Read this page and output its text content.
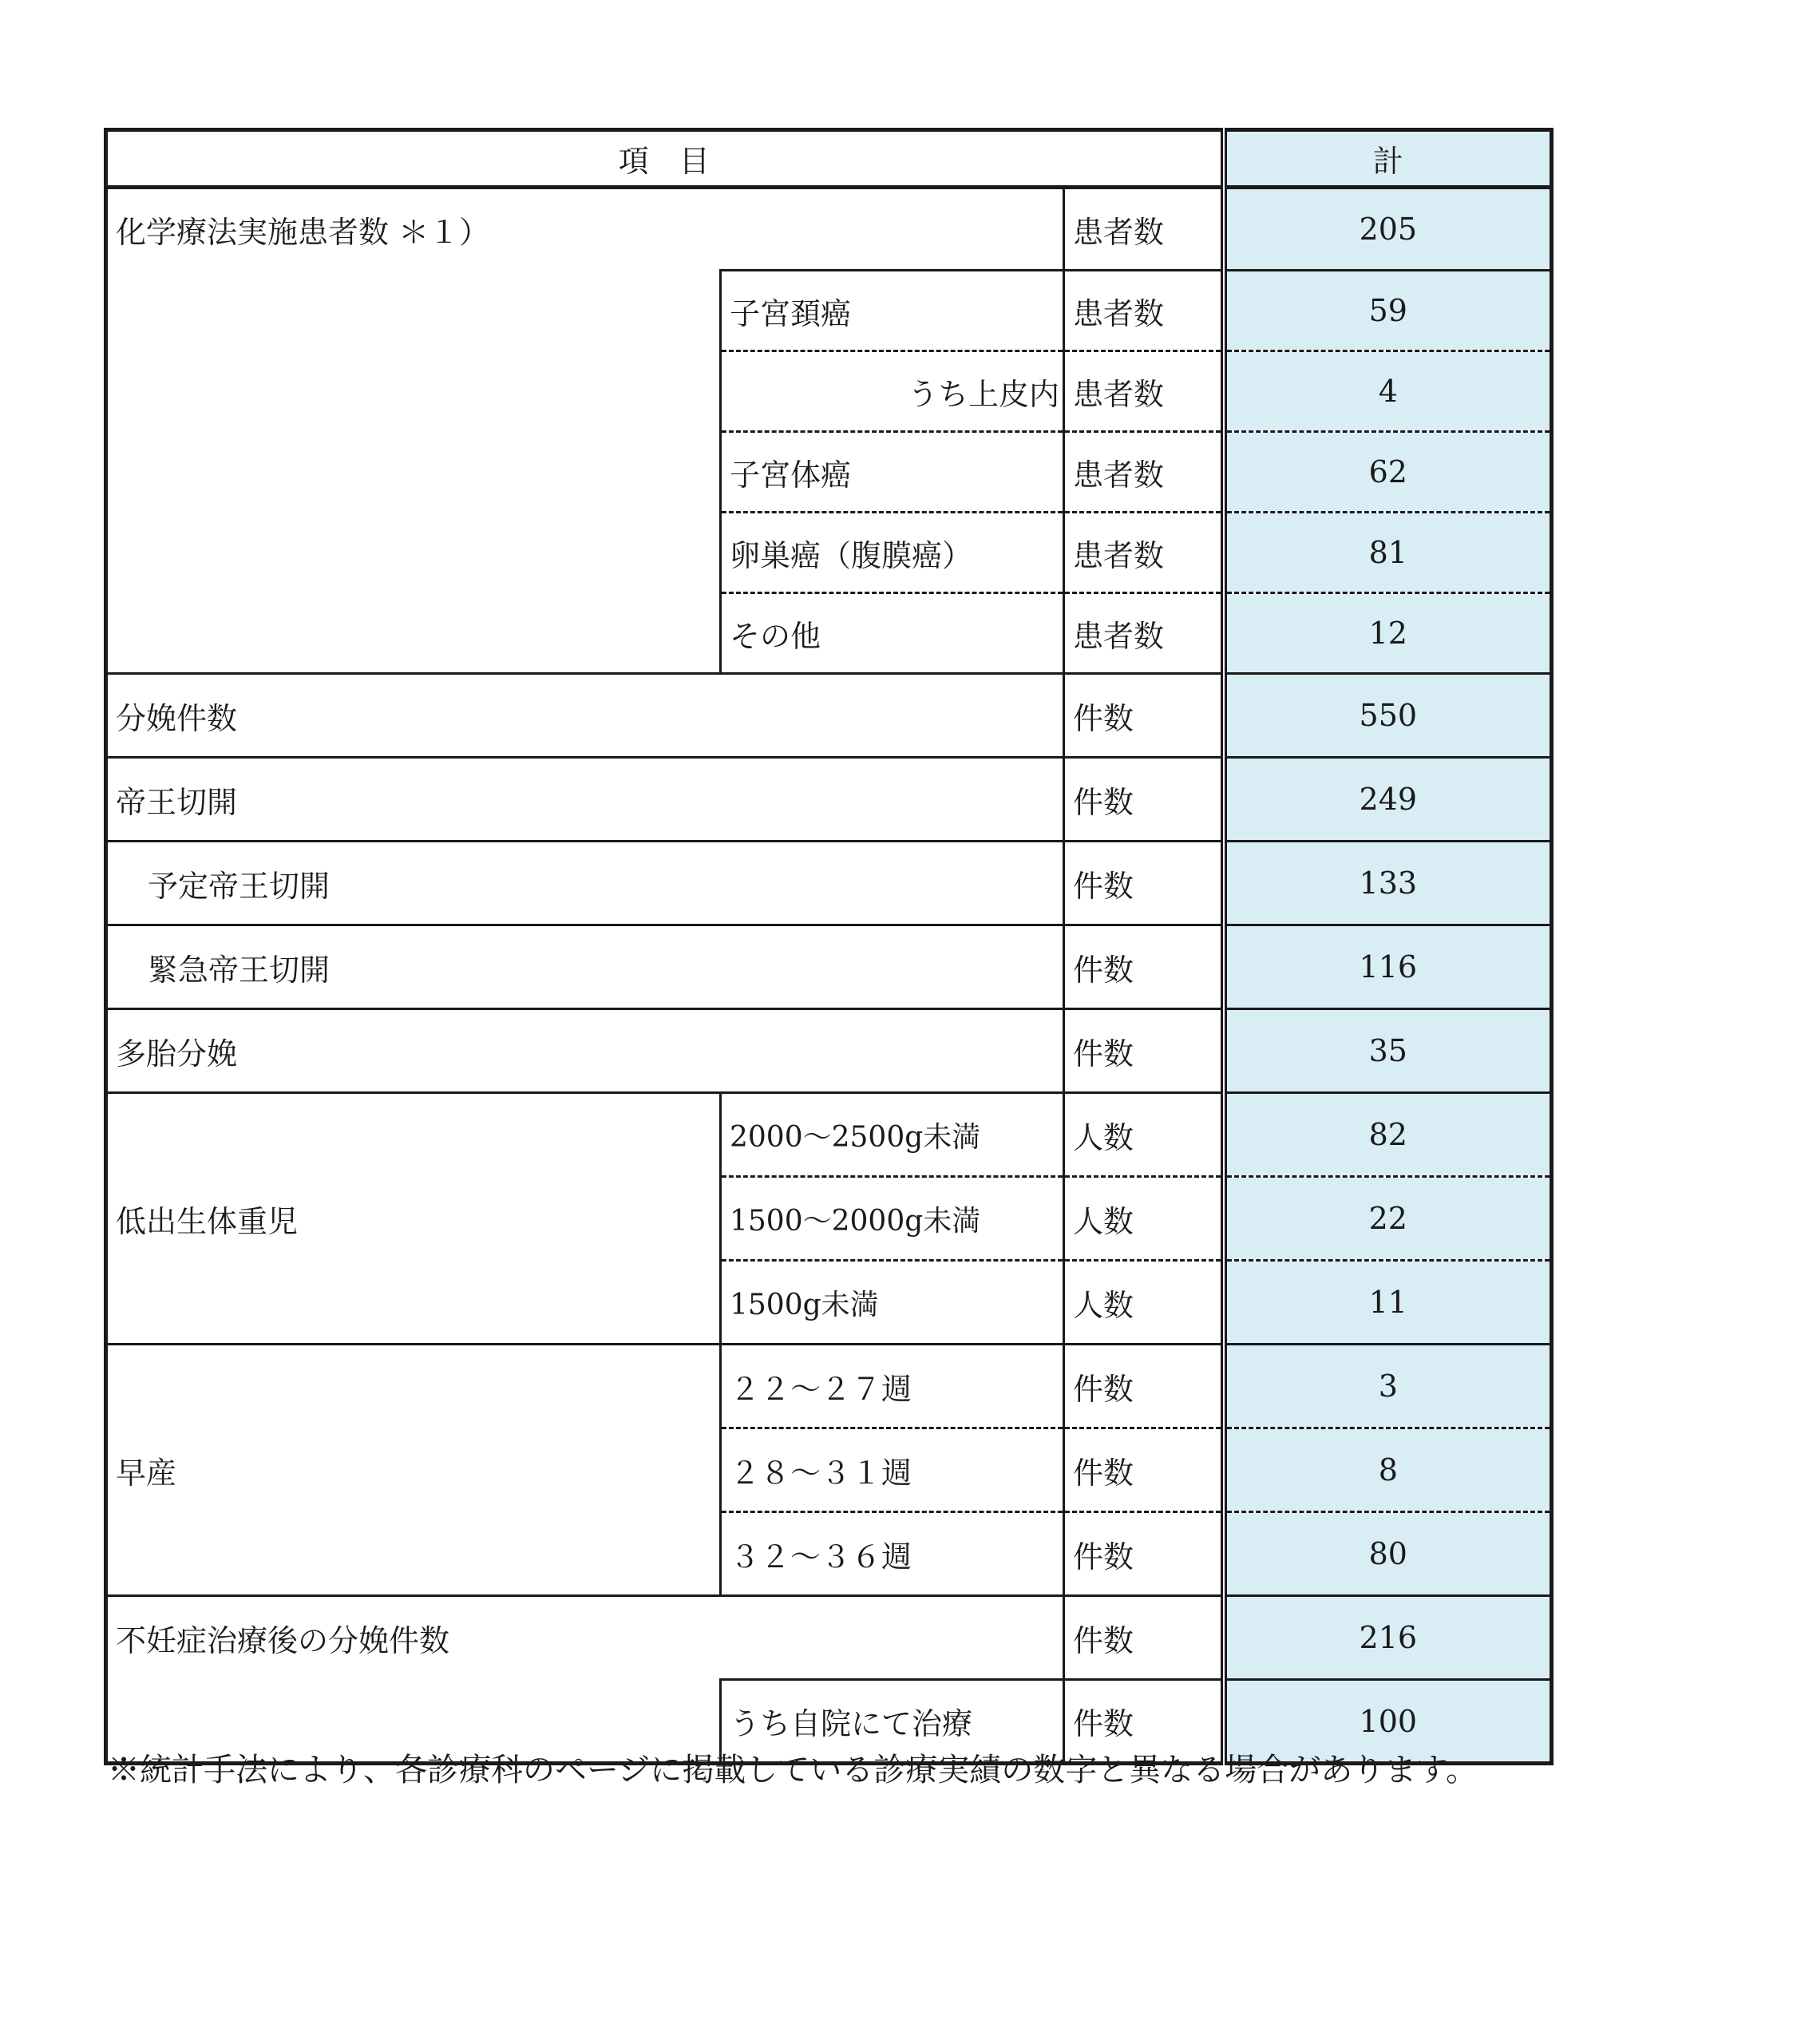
項　目			計
化学療法実施患者数 ＊１）		患者数	205
	子宮頚癌	患者数	59
	うち上皮内	患者数	4
	子宮体癌	患者数	62
	卵巣癌（腹膜癌）	患者数	81
	その他	患者数	12
分娩件数		件数	550
帝王切開		件数	249
予定帝王切開		件数	133
緊急帝王切開		件数	116
多胎分娩		件数	35
低出生体重児	2000～2500g未満	人数	82
	1500～2000g未満	人数	22
	1500g未満	人数	11
早産	２２～２７週	件数	3
	２８～３１週	件数	8
	３２～３６週	件数	80
不妊症治療後の分娩件数		件数	216
	うち自院にて治療	件数	100
※統計手法により、各診療科のページに掲載している診療実績の数字と異なる場合があります。
